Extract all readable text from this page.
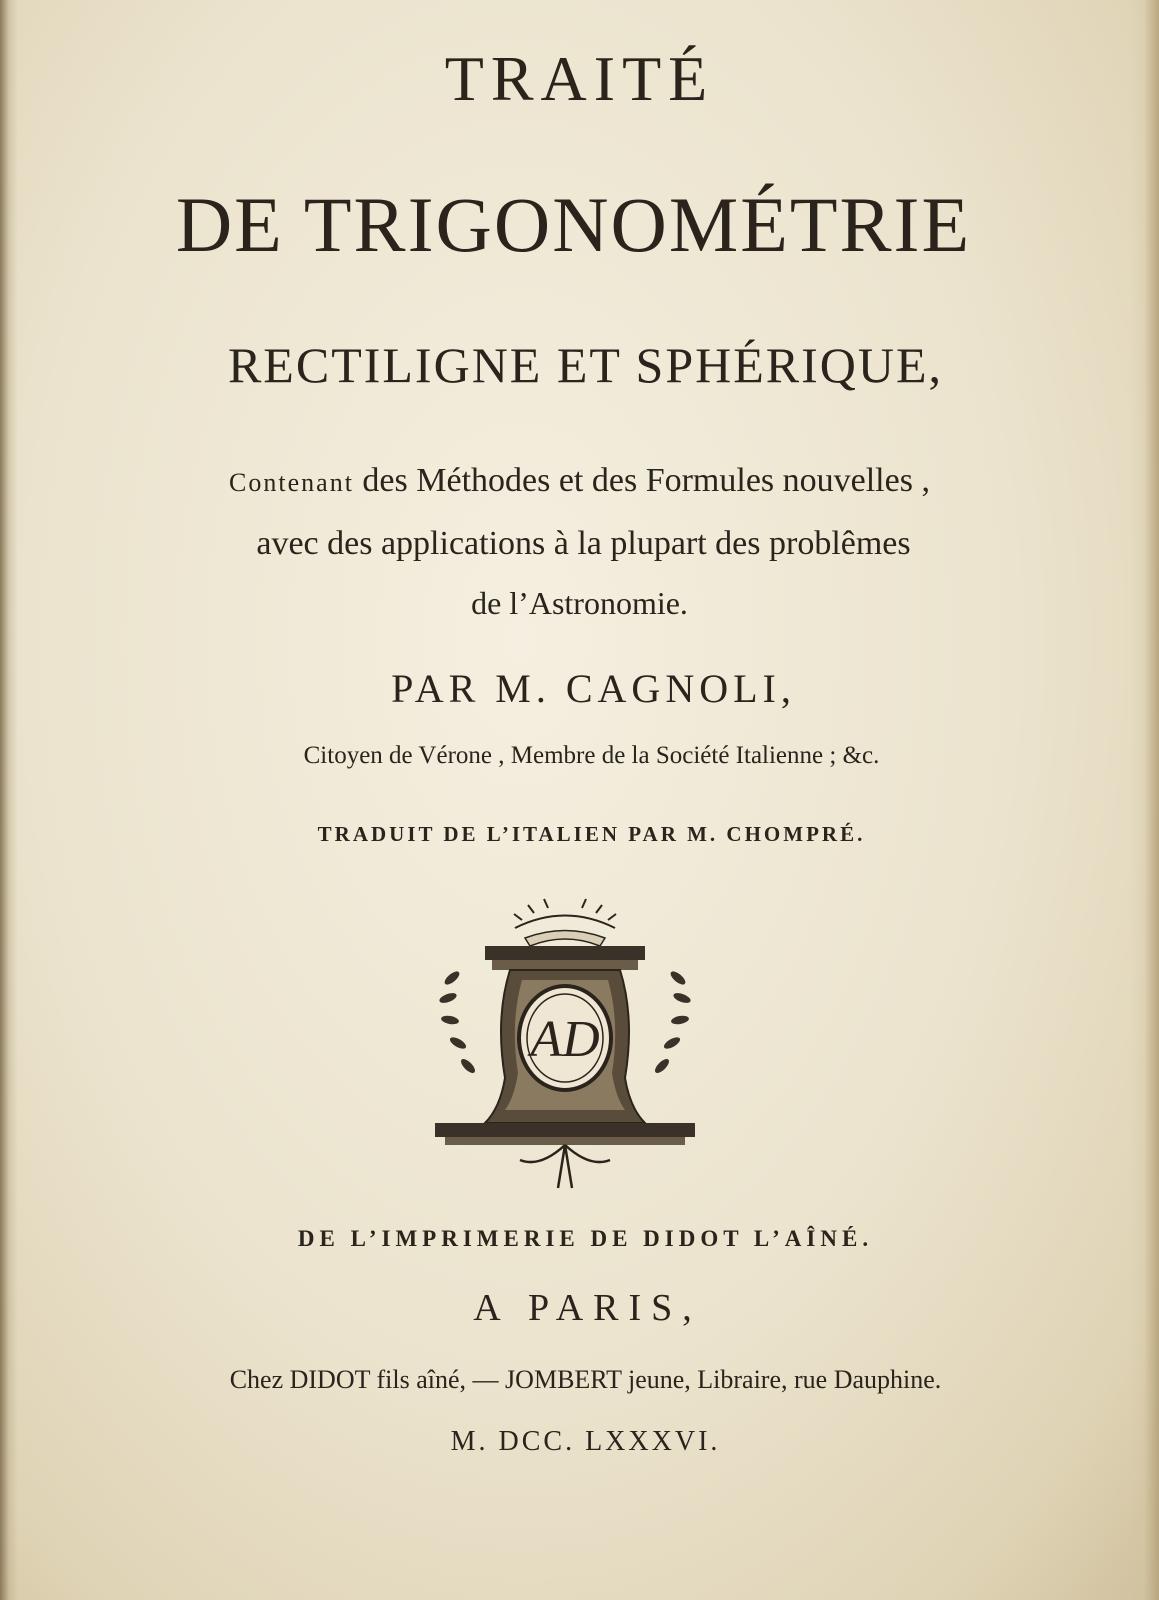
TRAITÉ
DE TRIGONOMÉTRIE
RECTILIGNE ET SPHÉRIQUE,
Contenant des Méthodes et des Formules nouvelles ,
avec des applications à la plupart des problêmes
de l’Astronomie.
PAR M. CAGNOLI,
Citoyen de Vérone , Membre de la Société Italienne ; &c.
TRADUIT DE L’ITALIEN PAR M. CHOMPRÉ.
AD
DE L’IMPRIMERIE DE DIDOT L’AÎNÉ.
A PARIS,
Chez DIDOT fils aîné, — JOMBERT jeune, Libraire, rue Dauphine.
M. DCC. LXXXVI.
